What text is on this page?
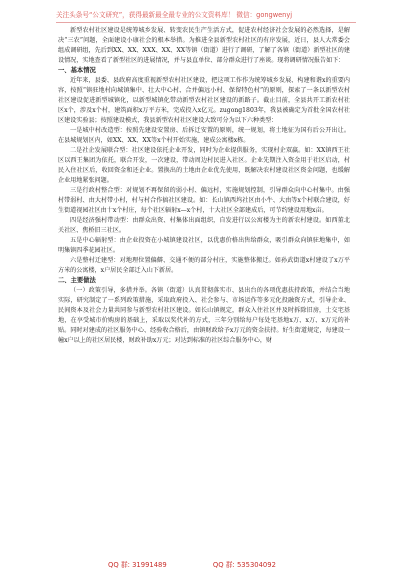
关注头条号“公文研究”，获得最新最全最专业的公文资料库！ 微信：gongwenyj
新型农村社区建设是统筹城乡发展、转变农民生产生活方式，促进农村经济社会发展的必然选择，是解决“三农”问题，全面建设小康社会的根本举措。为推进全县新型农村社区的有序发展，近日，县人大常委会组成调研组，先后到XX、XX、XXX、XX、XX等镇（街道）进行了调研，了解了各镇（街道）新型社区的建设情况，实地查看了新型社区的进展情况，并与县直单位、部分群众进行了座谈。现将调研情况报告如下：
一、基本情况
近年来，县委、县政府高度重视新型农村社区建设，把这项工作作为统筹城乡发展、构建和谐x的重要内容，按照“镇驻地村向城镇集中、壮大中心村、合并偏远小村、保留特色村”的原则，探索了一条以新型农村社区建设促进新型城镇化，以新型城镇化带动新型农村社区建设的新路子。截止目前，全县共开工新农村社区x个，涉及x个村，建筑面积x万平方米，完成投入x亿元。zugong1803年，我县被确定为首批全国农村社区建设实验县；按照建设模式，我县新型农村社区建设大致可分为以下六种类型：
一是城中村改造型：按照先建设安置房、后拆迁安置的原则，统一规划，将土地征为国有后公开出让。在县城规划区内，如XX、XX、XX等x个村开始实施，建成公寓楼x栋。
二是社企发展联合型：社区建设依托企业开发，同时为企业提供服务，实现村企双赢。如：XX镇西王社区以西王集团为依托，联合开发，一次建设，带动周边村民进入社区。企业先期注入资金用于社区启动，村民入住社区后，收回资金和还企业。置换出的土地由企业优先使用，既解决农村建设社区资金问题，也缓解企业用地紧张问题。
三是行政村整合型：对规划不再保留的弱小村、偏远村，实施规划控制，引导群众向中心村集中。由强村带弱村、由大村带小村，村与村合作搞社区建设。如：长山镇西坞社区由小牛、大由等x个村联合建设，好生街道视园社区由十x个村庄，每个社区辐射x—x个村，十大社区全部建成后，可节约建设用地x亩。
四是经济强村带动型：由群众出资、村集体出面组织，自发进行以公寓楼为主的新农村建设。如西董北关社区、焦桥旧三社区。
五是中心辐射型：由企业投资在小城镇建设社区，以优惠价格出售给群众，吸引群众向镇驻地集中，如明集镇四季花园社区。
六是整村迁建型：对地理位置偏僻、交通不便的部分村庄，实施整体搬迁。如孙武街道x村建设了x万平方米的公寓楼，x户居民全部迁入山下新居。
二、主要做法
（一）政策引导，多措并举。各镇（街道）认真贯彻落实市、县出台的各项优惠扶持政策，并结合当地实际，研究制定了一系列政策措施，采取政府投入、社会参与、市场运作等多元化投融资方式，引导企业、民间资本及社会力量共同参与新型农村社区建设。如长山镇规定，群众入住社区并及时拆除旧房，土交宅基地，在享受城市价购房的基础上，采取以奖代补的方式，三年分别给每户每处宅基地x万、x万、x万元的补贴。同时对建成的社区服务中心、经验收合格后，由镇财政给予x万元的资金扶持。好生街道规定，每建设一幢x户以上的社区居民楼，财政补助x万元；对达到标准的社区综合服务中心，财
QQ 群: 31991489	QQ 群: 535304092
